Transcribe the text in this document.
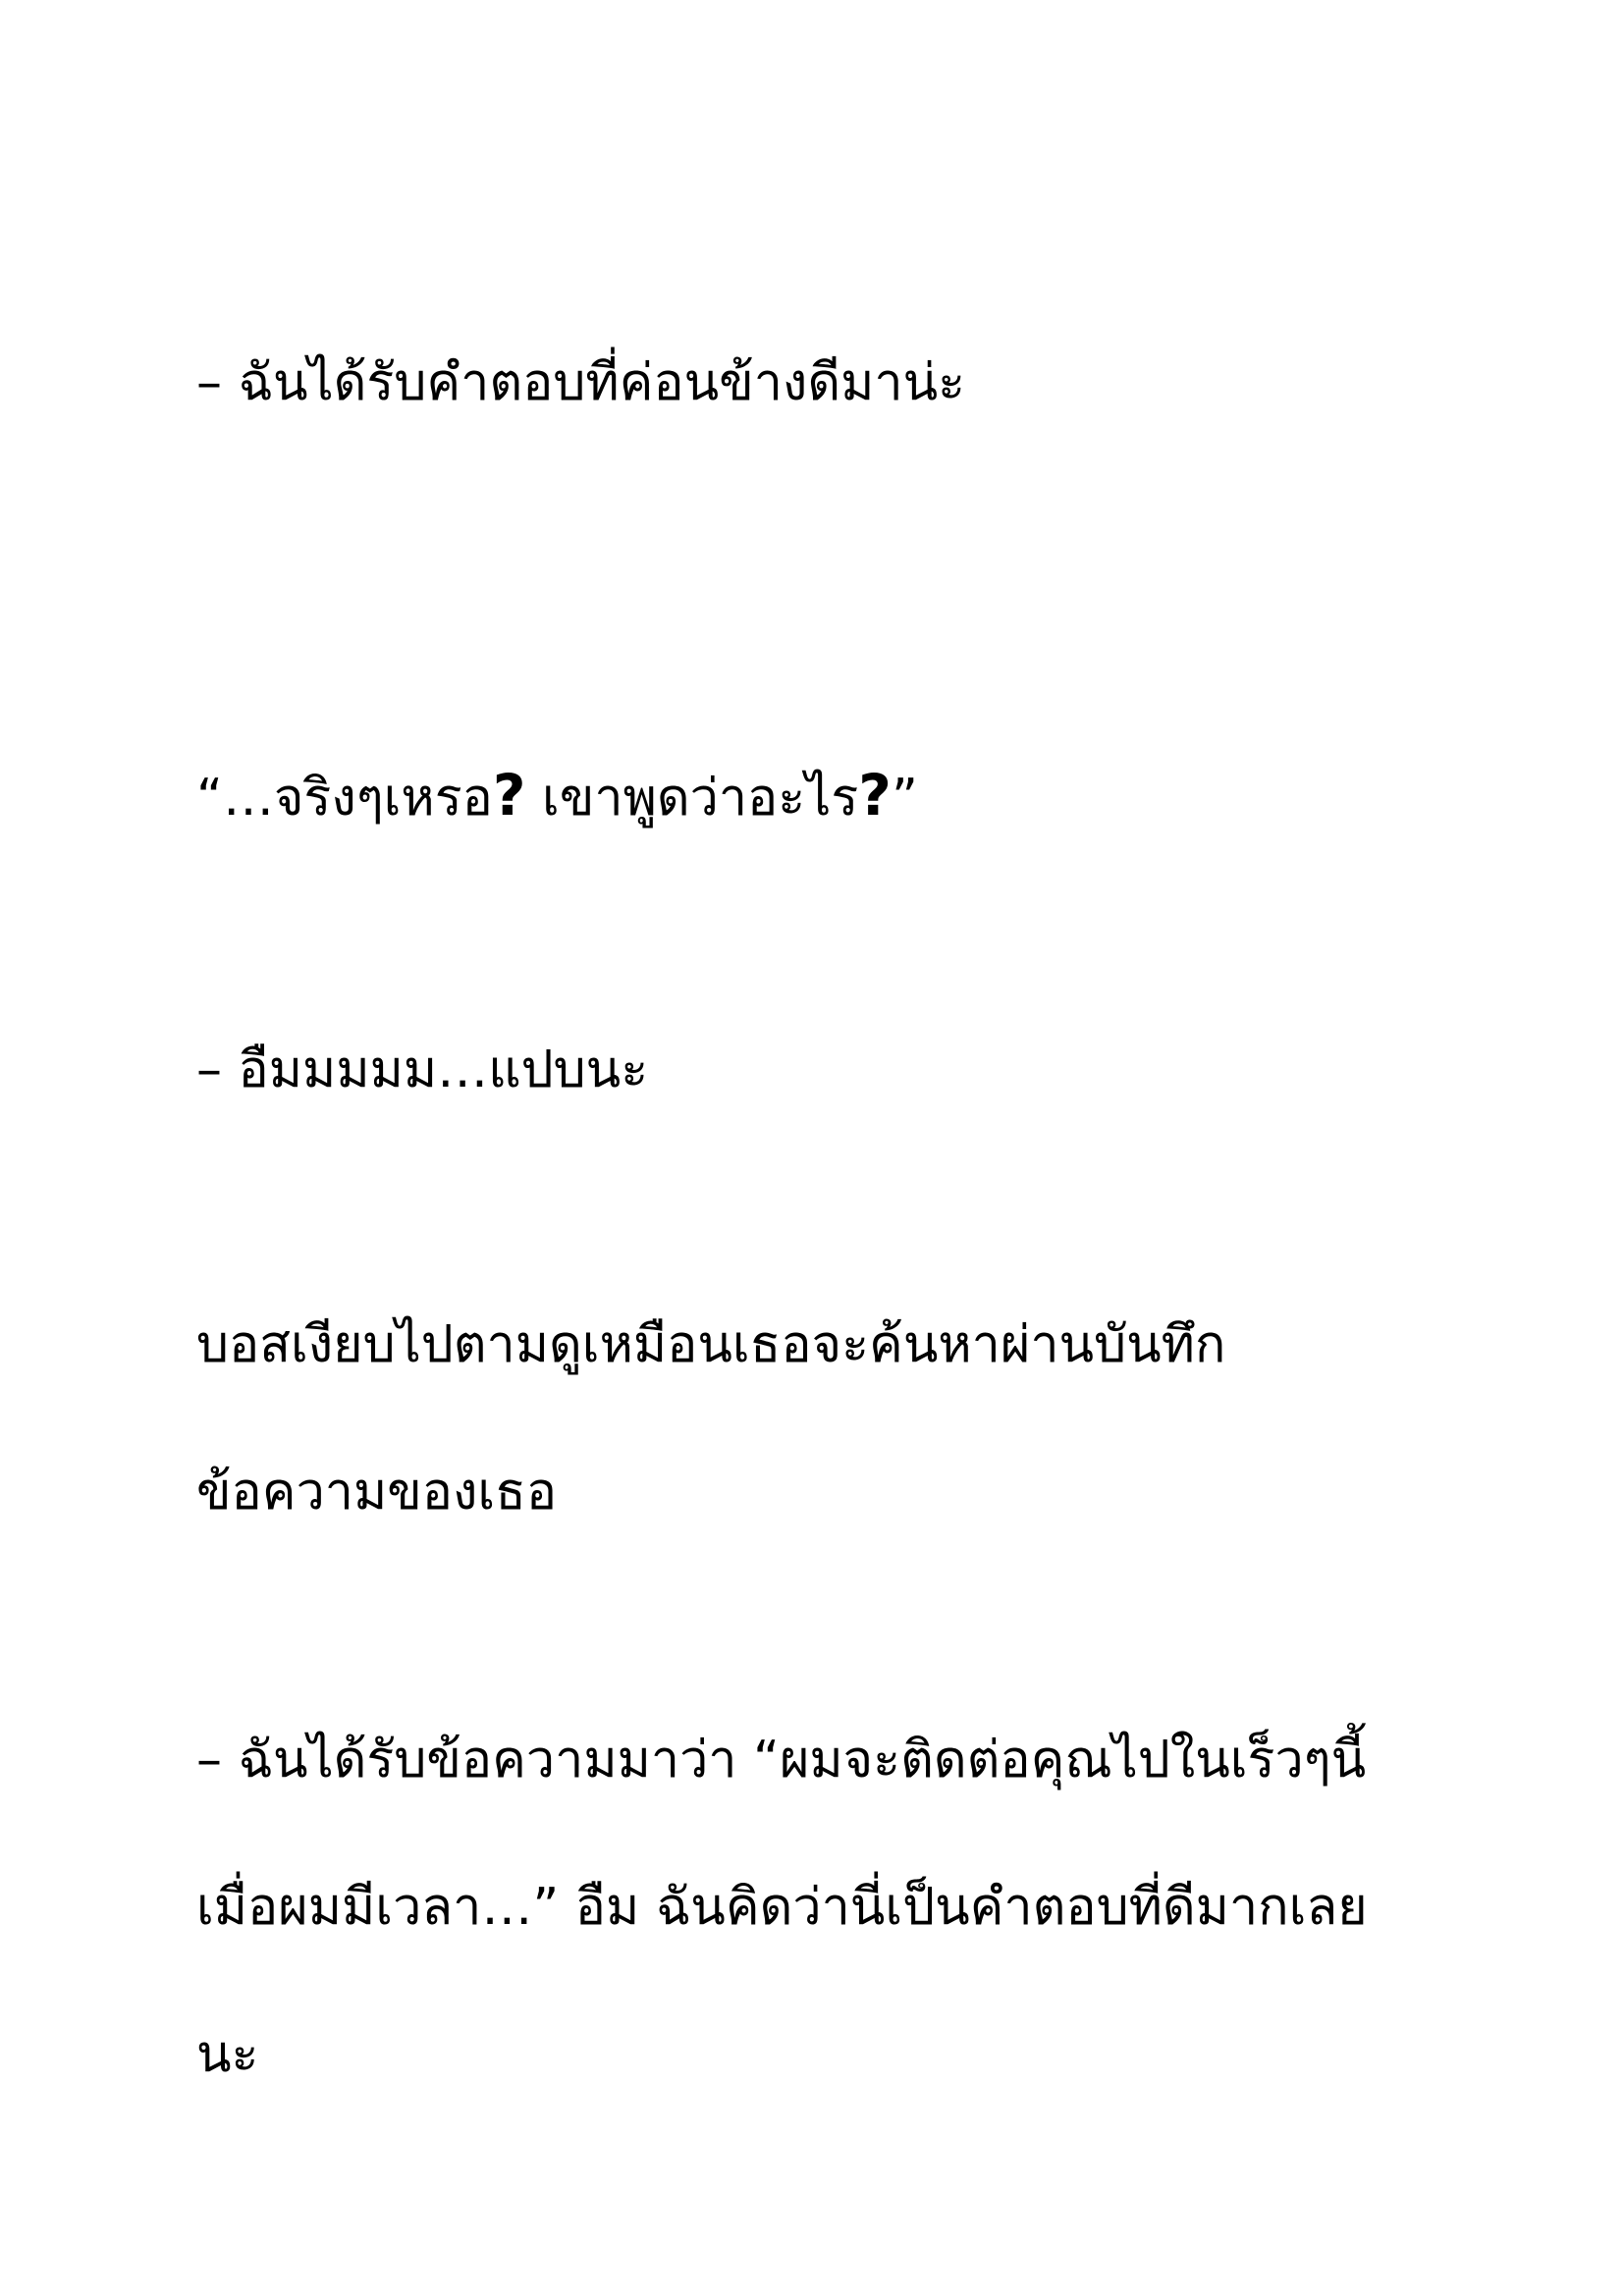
– ฉันได้รับคำตอบที่ค่อนข้างดีมาน่ะ

“…จริงๆเหรอ? เขาพูดว่าอะไร?”

– อืมมมมม…แปบนะ

บอสเงียบไปตามดูเหมือนเธอจะค้นหาผ่านบันทึก
ข้อความของเธอ

– ฉันได้รับข้อความมาว่า “ผมจะติดต่อคุณไปในเร็วๆนี้
เมื่อผมมีเวลา…” อืม ฉันคิดว่านี่เป็นคำตอบที่ดีมากเลย
นะ
